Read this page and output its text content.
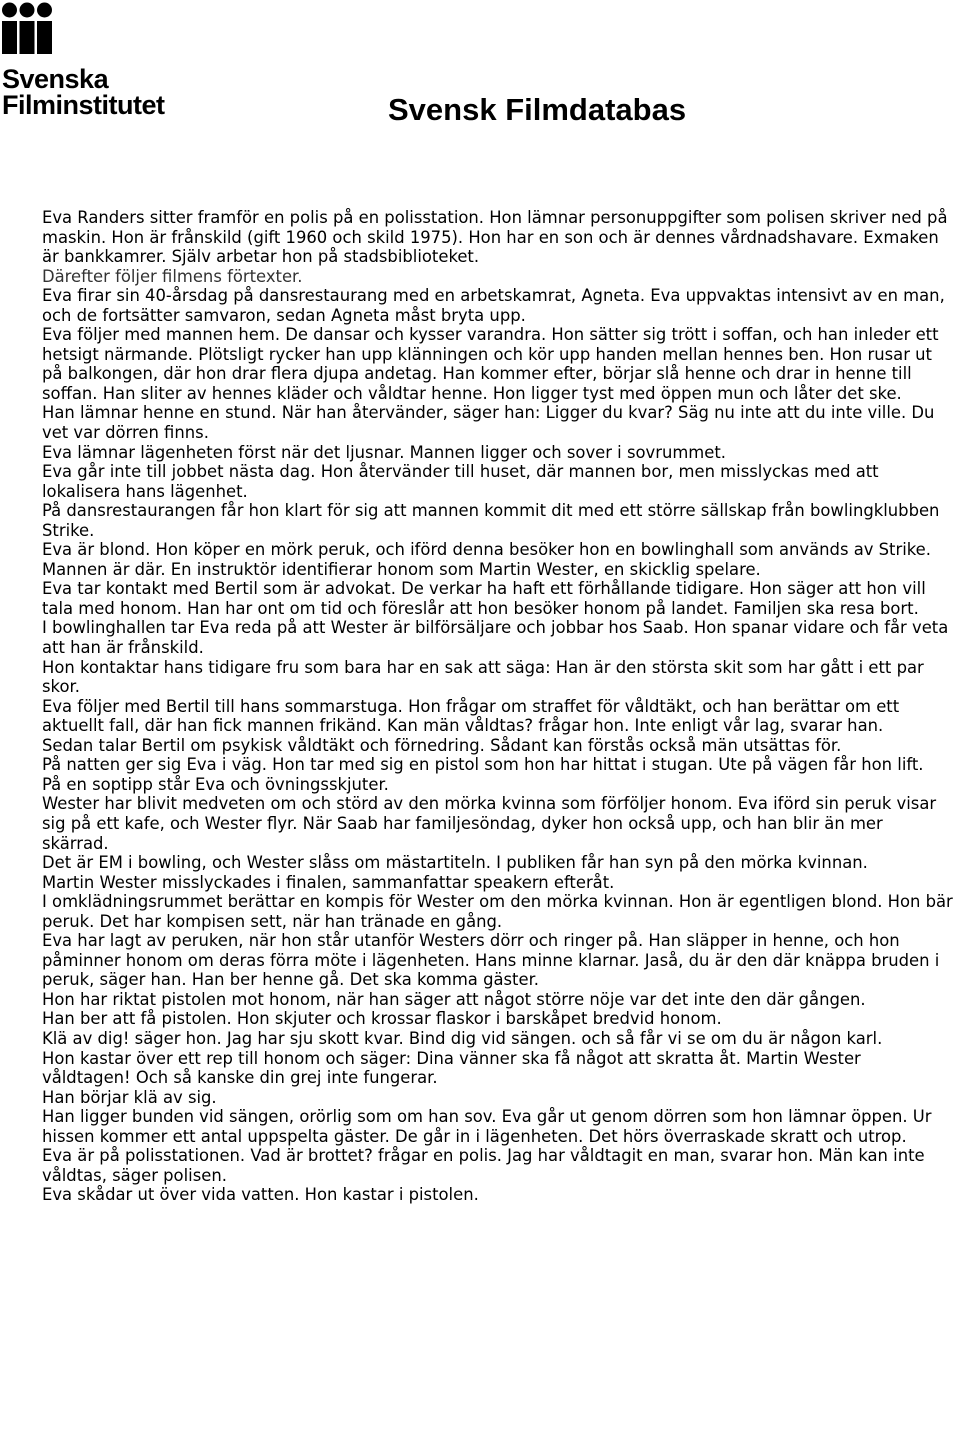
Svenska
Filminstitutet	Svensk Filmdatabas

Eva Randers sitter framför en polis på en polisstation. Hon lämnar personuppgifter som polisen skriver ned på maskin. Hon är frånskild (gift 1960 och skild 1975). Hon har en son och är dennes vårdnadshavare. Exmaken är bankkamrer. Själv arbetar hon på stadsbiblioteket.

Därefter följer filmens förtexter.

Eva firar sin 40-årsdag på dansrestaurang med en arbetskamrat, Agneta. Eva uppvaktas intensivt av en man, och de fortsätter samvaron, sedan Agneta måst bryta upp.

Eva följer med mannen hem. De dansar och kysser varandra. Hon sätter sig trött i soffan, och han inleder ett hetsigt närmande. Plötsligt rycker han upp klänningen och kör upp handen mellan hennes ben. Hon rusar ut på balkongen, där hon drar flera djupa andetag. Han kommer efter, börjar slå henne och drar in henne till soffan. Han sliter av hennes kläder och våldtar henne. Hon ligger tyst med öppen mun och låter det ske.

Han lämnar henne en stund. När han återvänder, säger han: Ligger du kvar? Säg nu inte att du inte ville. Du vet var dörren finns.

Eva lämnar lägenheten först när det ljusnar. Mannen ligger och sover i sovrummet.

Eva går inte till jobbet nästa dag. Hon återvänder till huset, där mannen bor, men misslyckas med att lokalisera hans lägenhet.

På dansrestaurangen får hon klart för sig att mannen kommit dit med ett större sällskap från bowlingklubben Strike.

Eva är blond. Hon köper en mörk peruk, och iförd denna besöker hon en bowlinghall som används av Strike. Mannen är där. En instruktör identifierar honom som Martin Wester, en skicklig spelare.

Eva tar kontakt med Bertil som är advokat. De verkar ha haft ett förhållande tidigare. Hon säger att hon vill tala med honom. Han har ont om tid och föreslår att hon besöker honom på landet. Familjen ska resa bort.

I bowlinghallen tar Eva reda på att Wester är bilförsäljare och jobbar hos Saab. Hon spanar vidare och får veta att han är frånskild.

Hon kontaktar hans tidigare fru som bara har en sak att säga: Han är den största skit som har gått i ett par skor.

Eva följer med Bertil till hans sommarstuga. Hon frågar om straffet för våldtäkt, och han berättar om ett aktuellt fall, där han fick mannen frikänd. Kan män våldtas? frågar hon. Inte enligt vår lag, svarar han.

Sedan talar Bertil om psykisk våldtäkt och förnedring. Sådant kan förstås också män utsättas för.

På natten ger sig Eva i väg. Hon tar med sig en pistol som hon har hittat i stugan. Ute på vägen får hon lift.

På en soptipp står Eva och övningsskjuter.

Wester har blivit medveten om och störd av den mörka kvinna som förföljer honom. Eva iförd sin peruk visar sig på ett kafe, och Wester flyr. När Saab har familjesöndag, dyker hon också upp, och han blir än mer skärrad.

Det är EM i bowling, och Wester slåss om mästartiteln. I publiken får han syn på den mörka kvinnan.

Martin Wester misslyckades i finalen, sammanfattar speakern efteråt.

I omklädningsrummet berättar en kompis för Wester om den mörka kvinnan. Hon är egentligen blond. Hon bär peruk. Det har kompisen sett, när han tränade en gång.

Eva har lagt av peruken, när hon står utanför Westers dörr och ringer på. Han släpper in henne, och hon påminner honom om deras förra möte i lägenheten. Hans minne klarnar. Jaså, du är den där knäppa bruden i peruk, säger han. Han ber henne gå. Det ska komma gäster.

Hon har riktat pistolen mot honom, när han säger att något större nöje var det inte den där gången.

Han ber att få pistolen. Hon skjuter och krossar flaskor i barskåpet bredvid honom.

Klä av dig! säger hon. Jag har sju skott kvar. Bind dig vid sängen. och så får vi se om du är någon karl.

Hon kastar över ett rep till honom och säger: Dina vänner ska få något att skratta åt. Martin Wester våldtagen! Och så kanske din grej inte fungerar.

Han börjar klä av sig.

Han ligger bunden vid sängen, orörlig som om han sov. Eva går ut genom dörren som hon lämnar öppen. Ur hissen kommer ett antal uppspelta gäster. De går in i lägenheten. Det hörs överraskade skratt och utrop.

Eva är på polisstationen. Vad är brottet? frågar en polis. Jag har våldtagit en man, svarar hon. Män kan inte våldtas, säger polisen.

Eva skådar ut över vida vatten. Hon kastar i pistolen.
